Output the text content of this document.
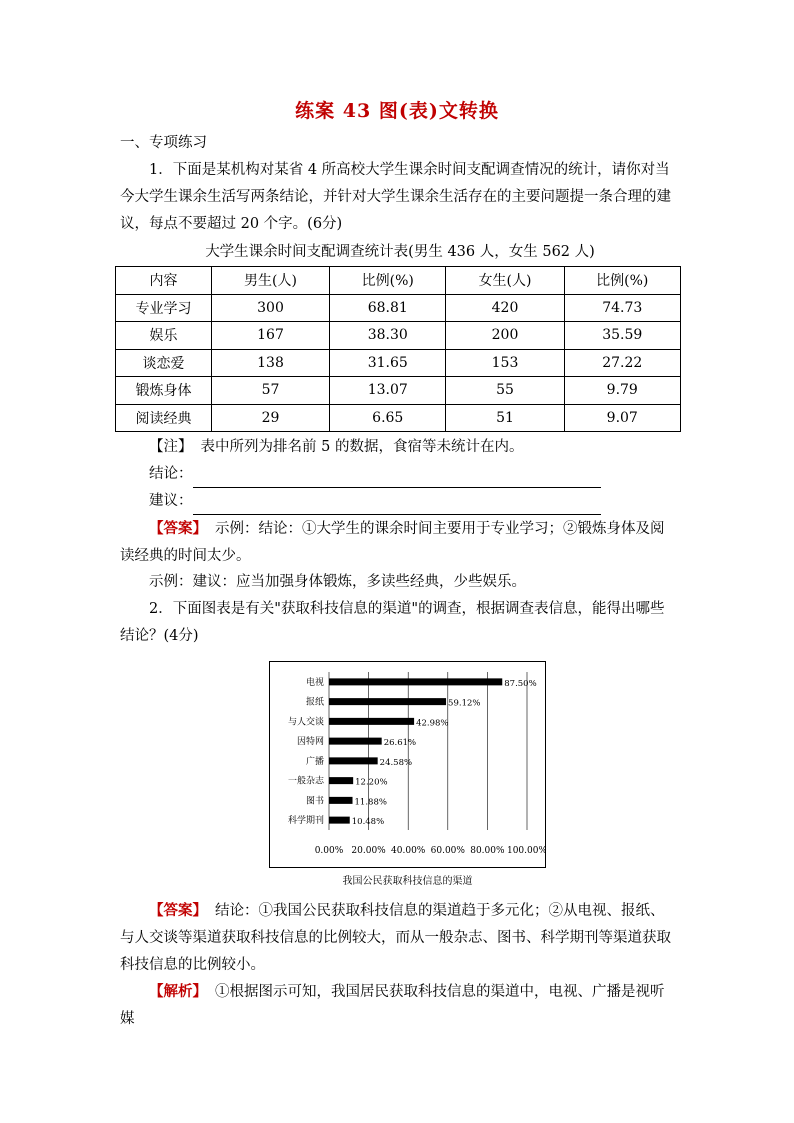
练案 43 图(表)文转换
一、专项练习
1．下面是某机构对某省 4 所高校大学生课余时间支配调查情况的统计，请你对当今大学生课余生活写两条结论，并针对大学生课余生活存在的主要问题提一条合理的建议，每点不要超过 20 个字。(6分)
大学生课余时间支配调查统计表(男生 436 人，女生 562 人)
内容	男生(人)	比例(%)	女生(人)	比例(%)
专业学习	300	68.81	420	74.73
娱乐	167	38.30	200	35.59
谈恋爱	138	31.65	153	27.22
锻炼身体	57	13.07	55	9.79
阅读经典	29	6.65	51	9.07
【注】 表中所列为排名前 5 的数据，食宿等未统计在内。
结论：
建议：
【答案】 示例：结论：①大学生的课余时间主要用于专业学习；②锻炼身体及阅读经典的时间太少。
示例：建议：应当加强身体锻炼，多读些经典，少些娱乐。
2．下面图表是有关"获取科技信息的渠道"的调查，根据调查表信息，能得出哪些结论？(4分)
0.00% 20.00% 40.00% 60.00% 80.00% 100.00%
电视	87.50%
报纸	59.12%
与人交谈	42.98%
因特网	26.61%
广播	24.58%
一般杂志	12.20%
图书	11.88%
科学期刊	10.48%
我国公民获取科技信息的渠道
【答案】 结论：①我国公民获取科技信息的渠道趋于多元化；②从电视、报纸、与人交谈等渠道获取科技信息的比例较大，而从一般杂志、图书、科学期刊等渠道获取科技信息的比例较小。
【解析】 ①根据图示可知，我国居民获取科技信息的渠道中，电视、广播是视听媒
